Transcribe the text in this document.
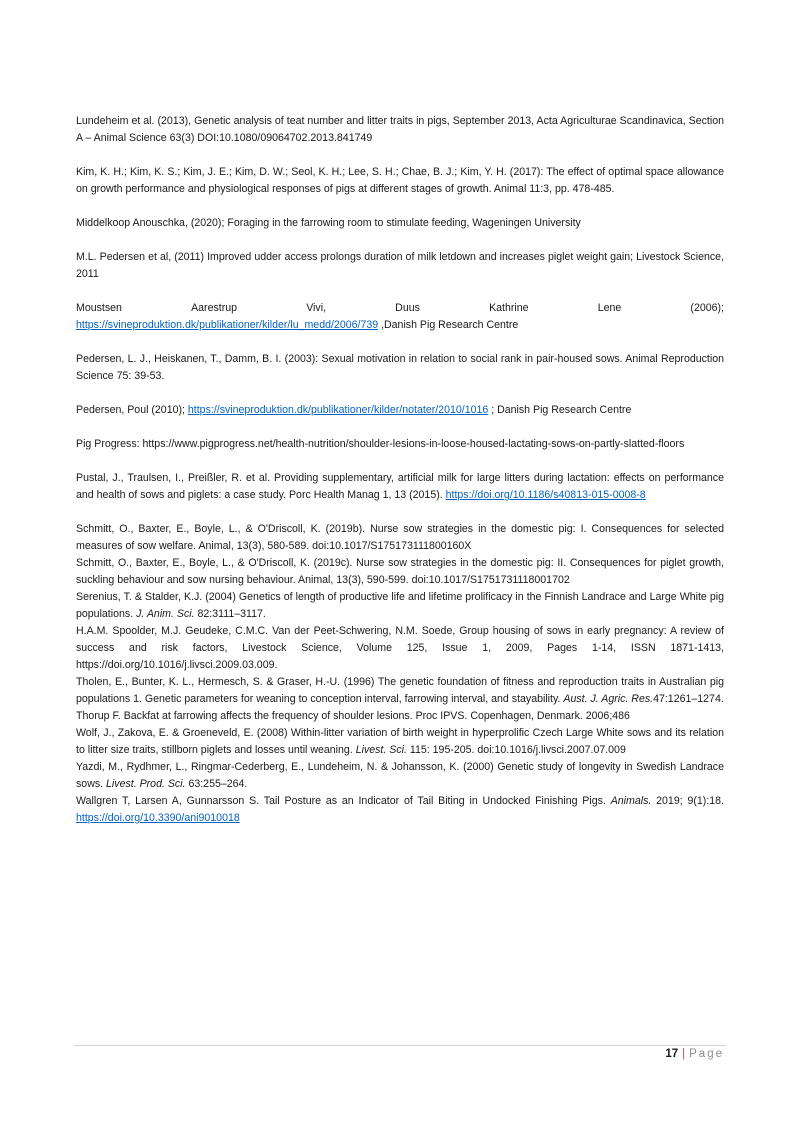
Lundeheim et al. (2013), Genetic analysis of teat number and litter traits in pigs, September 2013, Acta Agriculturae Scandinavica, Section A – Animal Science 63(3) DOI:10.1080/09064702.2013.841749

Kim, K. H.; Kim, K. S.; Kim, J. E.; Kim, D. W.; Seol, K. H.; Lee, S. H.; Chae, B. J.; Kim, Y. H. (2017): The effect of optimal space allowance on growth performance and physiological responses of pigs at different stages of growth. Animal 11:3, pp. 478-485.

Middelkoop Anouschka, (2020); Foraging in the farrowing room to stimulate feeding, Wageningen University

M.L. Pedersen et al, (2011) Improved udder access prolongs duration of milk letdown and increases piglet weight gain; Livestock Science, 2011

Moustsen	Aarestrup	Vivi,	Duus	Kathrine	Lene	(2006);
https://svineproduktion.dk/publikationer/kilder/lu_medd/2006/739 ,Danish Pig Research Centre

Pedersen, L. J., Heiskanen, T., Damm, B. I. (2003): Sexual motivation in relation to social rank in pair-housed sows. Animal Reproduction Science 75: 39-53.

Pedersen, Poul (2010); https://svineproduktion.dk/publikationer/kilder/notater/2010/1016 ; Danish Pig Research Centre

Pig Progress: https://www.pigprogress.net/health-nutrition/shoulder-lesions-in-loose-housed-lactating-sows-on-partly-slatted-floors

Pustal, J., Traulsen, I., Preißler, R. et al. Providing supplementary, artificial milk for large litters during lactation: effects on performance and health of sows and piglets: a case study. Porc Health Manag 1, 13 (2015). https://doi.org/10.1186/s40813-015-0008-8

Schmitt, O., Baxter, E., Boyle, L., & O'Driscoll, K. (2019b). Nurse sow strategies in the domestic pig: I. Consequences for selected measures of sow welfare. Animal, 13(3), 580-589. doi:10.1017/S175173111800160X

Schmitt, O., Baxter, E., Boyle, L., & O'Driscoll, K. (2019c). Nurse sow strategies in the domestic pig: II. Consequences for piglet growth, suckling behaviour and sow nursing behaviour. Animal, 13(3), 590-599. doi:10.1017/S1751731118001702

Serenius, T. & Stalder, K.J. (2004) Genetics of length of productive life and lifetime prolificacy in the Finnish Landrace and Large White pig populations. J. Anim. Sci. 82:3111–3117.

H.A.M. Spoolder, M.J. Geudeke, C.M.C. Van der Peet-Schwering, N.M. Soede, Group housing of sows in early pregnancy: A review of success and risk factors, Livestock Science, Volume 125, Issue 1, 2009, Pages 1-14, ISSN 1871-1413, https://doi.org/10.1016/j.livsci.2009.03.009.

Tholen, E., Bunter, K. L., Hermesch, S. & Graser, H.-U. (1996) The genetic foundation of fitness and reproduction traits in Australian pig populations 1. Genetic parameters for weaning to conception interval, farrowing interval, and stayability. Aust. J. Agric. Res.47:1261–1274.

Thorup F. Backfat at farrowing affects the frequency of shoulder lesions. Proc IPVS. Copenhagen, Denmark. 2006;486

Wolf, J., Zakova, E. & Groeneveld, E. (2008) Within-litter variation of birth weight in hyperprolific Czech Large White sows and its relation to litter size traits, stillborn piglets and losses until weaning. Livest. Sci. 115: 195-205. doi:10.1016/j.livsci.2007.07.009

Yazdi, M., Rydhmer, L., Ringmar-Cederberg, E., Lundeheim, N. & Johansson, K. (2000) Genetic study of longevity in Swedish Landrace sows. Livest. Prod. Sci. 63:255–264.

Wallgren T, Larsen A, Gunnarsson S. Tail Posture as an Indicator of Tail Biting in Undocked Finishing Pigs. Animals. 2019; 9(1):18. https://doi.org/10.3390/ani9010018

17 | Page
